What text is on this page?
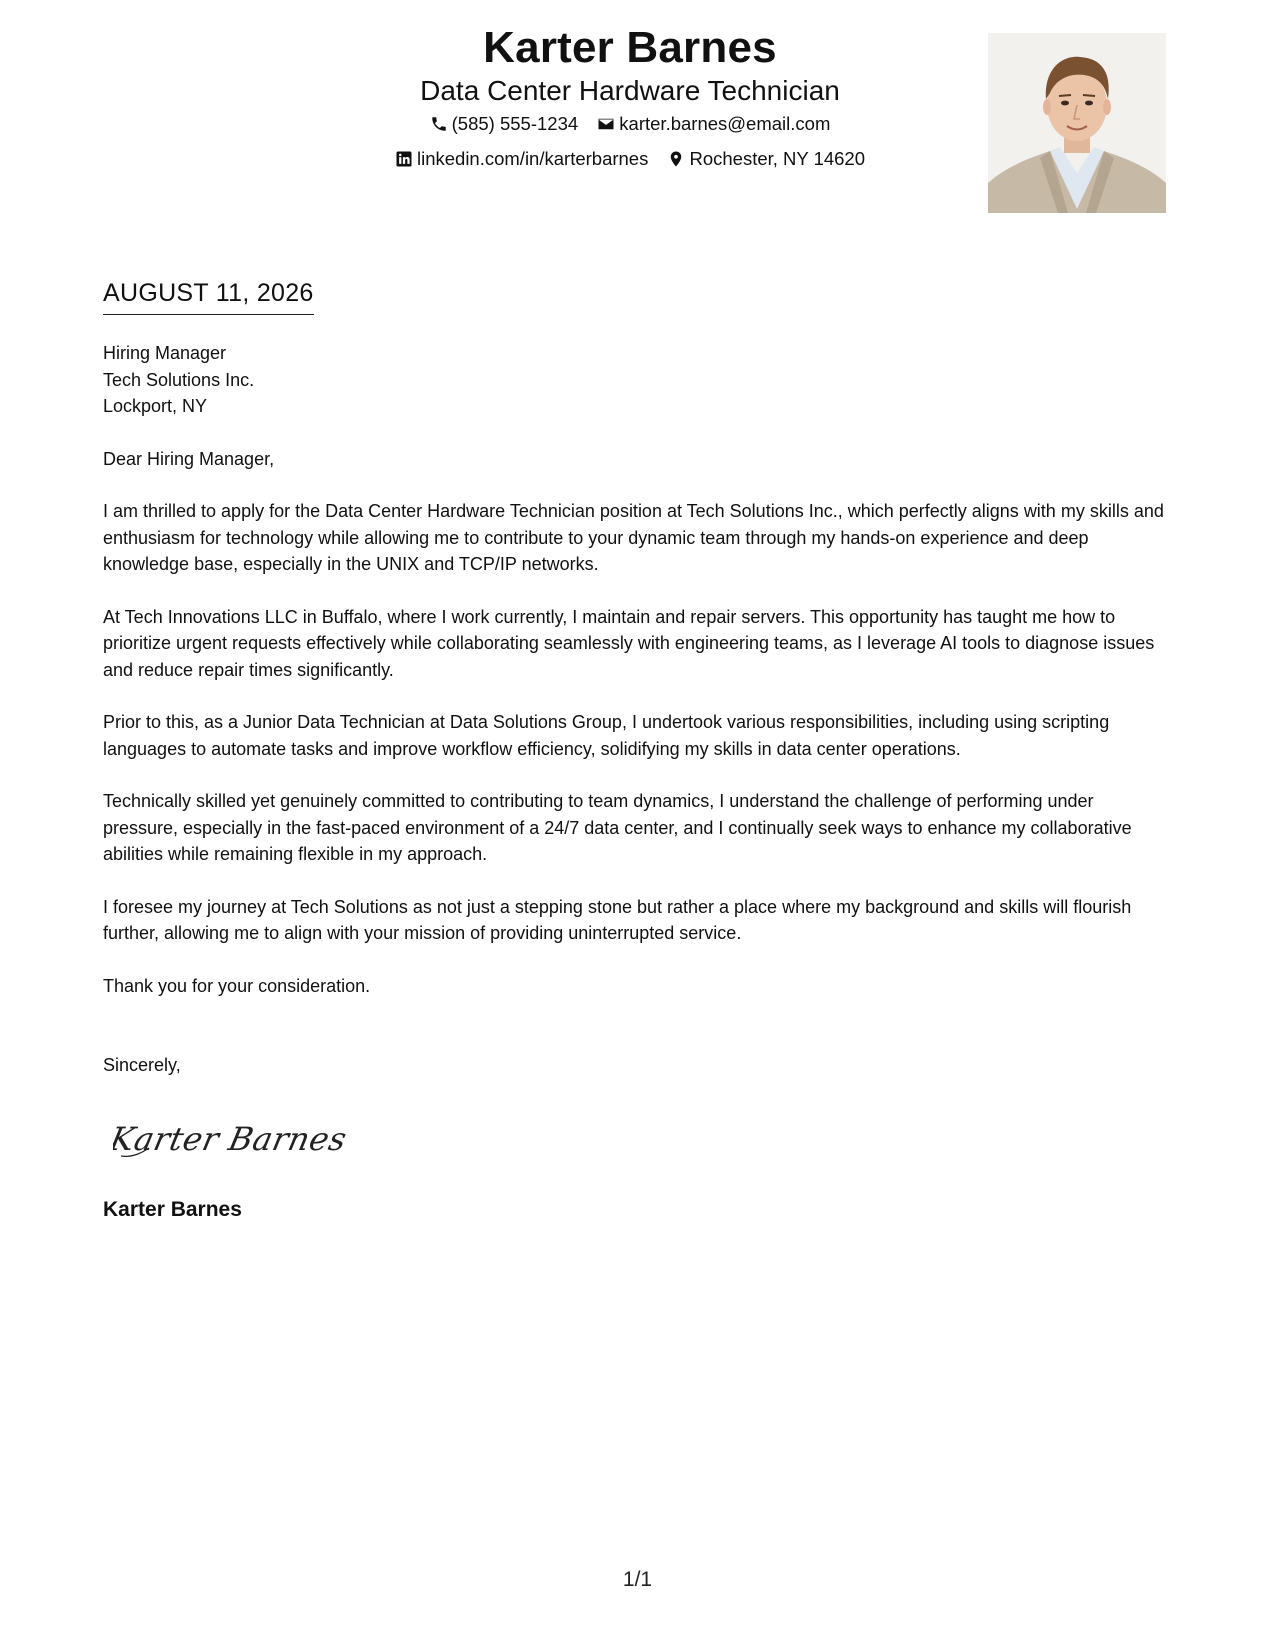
Karter Barnes
Data Center Hardware Technician
(585) 555-1234
karter.barnes@email.com
linkedin.com/in/karterbarnes
Rochester, NY 14620
AUGUST 11, 2026
Hiring Manager
Tech Solutions Inc.
Lockport, NY

Dear Hiring Manager,

I am thrilled to apply for the Data Center Hardware Technician position at Tech Solutions Inc., which perfectly aligns with my skills and enthusiasm for technology while allowing me to contribute to your dynamic team through my hands-on experience and deep knowledge base, especially in the UNIX and TCP/IP networks.

At Tech Innovations LLC in Buffalo, where I work currently, I maintain and repair servers. This opportunity has taught me how to prioritize urgent requests effectively while collaborating seamlessly with engineering teams, as I leverage AI tools to diagnose issues and reduce repair times significantly.

Prior to this, as a Junior Data Technician at Data Solutions Group, I undertook various responsibilities, including using scripting languages to automate tasks and improve workflow efficiency, solidifying my skills in data center operations.

Technically skilled yet genuinely committed to contributing to team dynamics, I understand the challenge of performing under pressure, especially in the fast-paced environment of a 24/7 data center, and I continually seek ways to enhance my collaborative abilities while remaining flexible in my approach.

I foresee my journey at Tech Solutions as not just a stepping stone but rather a place where my background and skills will flourish further, allowing me to align with your mission of providing uninterrupted service.

Thank you for your consideration.

Sincerely,

Karter Barnes
Karter Barnes
1/1
